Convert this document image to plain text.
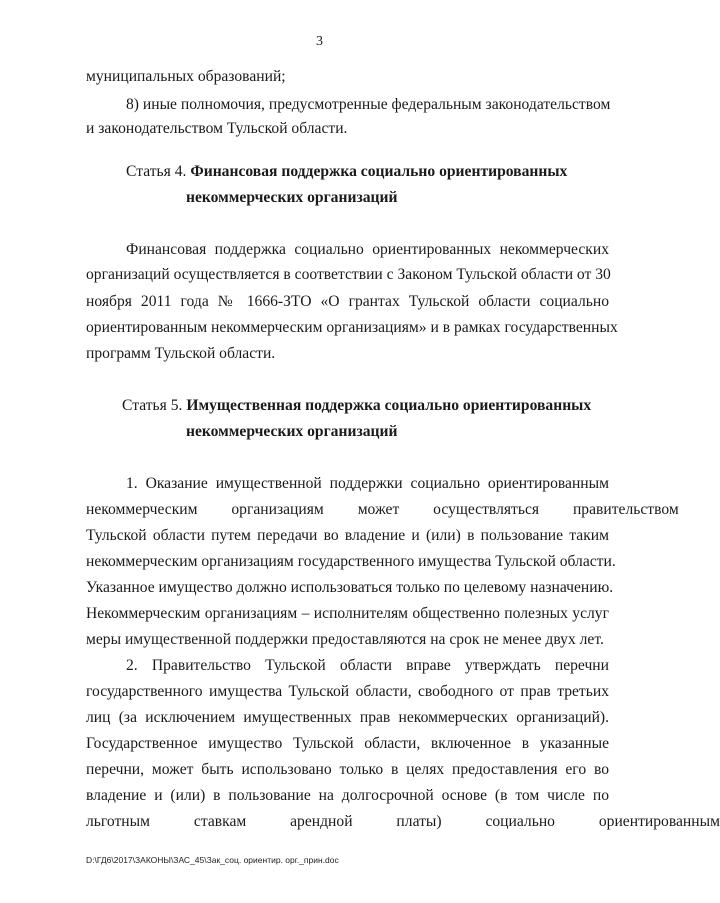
3
муниципальных образований;
8) иные полномочия, предусмотренные федеральным законодательством
и законодательством Тульской области.
Статья 4. Финансовая поддержка социально ориентированных
некоммерческих организаций
Финансовая поддержка социально ориентированных некоммерческих
организаций осуществляется в соответствии с Законом Тульской области от 30
ноября 2011 года № 1666-ЗТО «О грантах Тульской области социально
ориентированным некоммерческим организациям» и в рамках государственных
программ Тульской области.
Статья 5. Имущественная поддержка социально ориентированных
некоммерческих организаций
1. Оказание имущественной поддержки социально ориентированным
некоммерческим организациям может осуществляться правительством
Тульской области путем передачи во владение и (или) в пользование таким
некоммерческим организациям государственного имущества Тульской области.
Указанное имущество должно использоваться только по целевому назначению.
Некоммерческим организациям – исполнителям общественно полезных услуг
меры имущественной поддержки предоставляются на срок не менее двух лет.
2. Правительство Тульской области вправе утверждать перечни
государственного имущества Тульской области, свободного от прав третьих
лиц (за исключением имущественных прав некоммерческих организаций).
Государственное имущество Тульской области, включенное в указанные
перечни, может быть использовано только в целях предоставления его во
владение и (или) в пользование на долгосрочной основе (в том числе по
льготным ставкам арендной платы) социально ориентированным
D:\ГД6\2017\ЗАКОНЫ\ЗАС_45\Зак_соц. ориентир. орг._прин.doc
